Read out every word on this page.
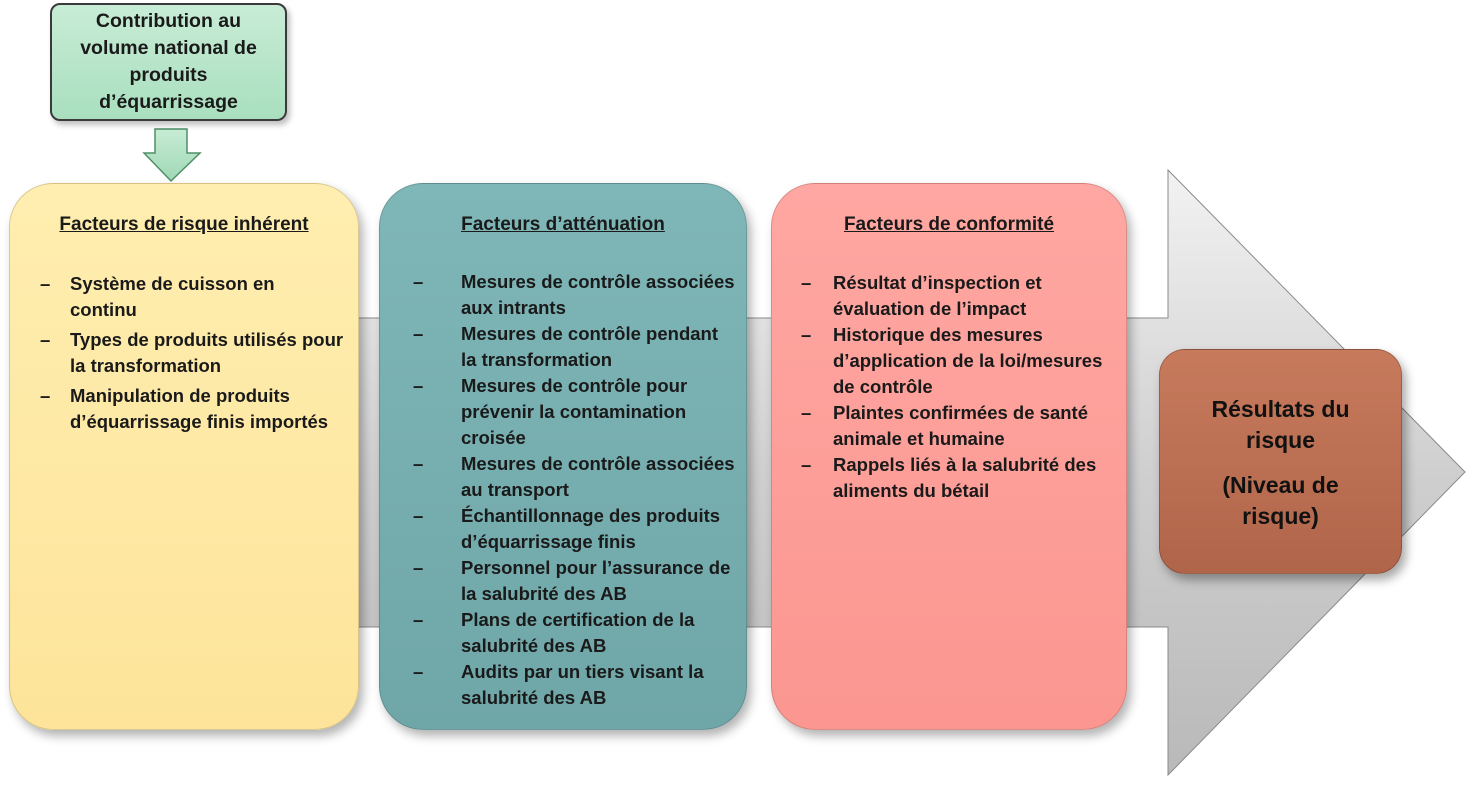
Contribution au
volume national de
produits
d’équarrissage
Facteurs de risque inhérent
– Système de cuisson en continu
– Types de produits utilisés pour la transformation
– Manipulation de produits d’équarrissage finis importés
Facteurs d’atténuation
– Mesures de contrôle associées aux intrants
– Mesures de contrôle pendant la transformation
– Mesures de contrôle pour prévenir la contamination croisée
– Mesures de contrôle associées au transport
– Échantillonnage des produits d’équarrissage finis
– Personnel pour l’assurance de la salubrité des AB
– Plans de certification de la salubrité des AB
– Audits par un tiers visant la salubrité des AB
Facteurs de conformité
– Résultat d’inspection et évaluation de l’impact
– Historique des mesures d’application de la loi/mesures de contrôle
– Plaintes confirmées de santé animale et humaine
– Rappels liés à la salubrité des aliments du bétail
Résultats du risque
(Niveau de risque)
